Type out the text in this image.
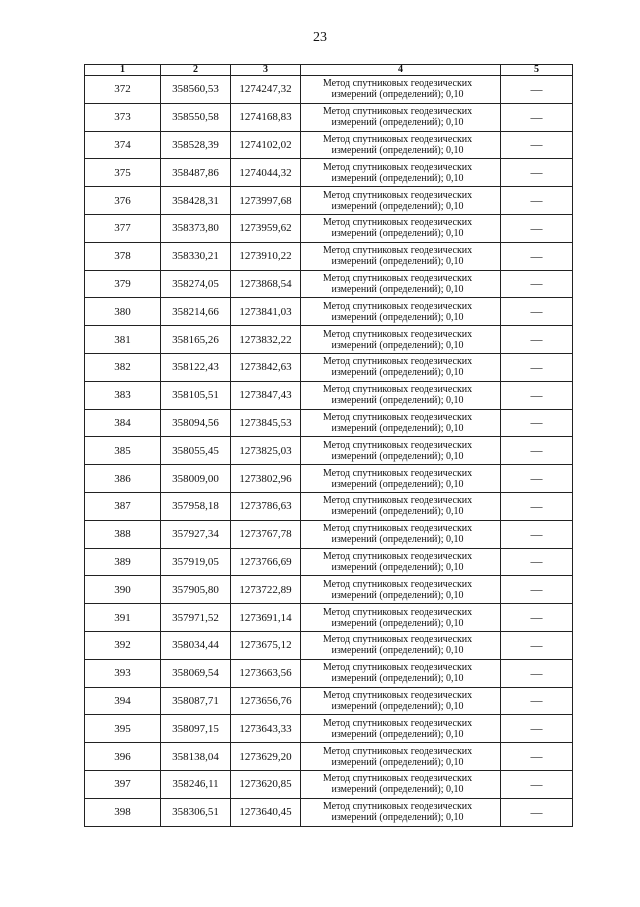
23
1	2	3	4	5
372	358560,53	1274247,32	Метод спутниковых геодезических
измерений (определений); 0,10	—
373	358550,58	1274168,83	Метод спутниковых геодезических
измерений (определений); 0,10	—
374	358528,39	1274102,02	Метод спутниковых геодезических
измерений (определений); 0,10	—
375	358487,86	1274044,32	Метод спутниковых геодезических
измерений (определений); 0,10	—
376	358428,31	1273997,68	Метод спутниковых геодезических
измерений (определений); 0,10	—
377	358373,80	1273959,62	Метод спутниковых геодезических
измерений (определений); 0,10	—
378	358330,21	1273910,22	Метод спутниковых геодезических
измерений (определений); 0,10	—
379	358274,05	1273868,54	Метод спутниковых геодезических
измерений (определений); 0,10	—
380	358214,66	1273841,03	Метод спутниковых геодезических
измерений (определений); 0,10	—
381	358165,26	1273832,22	Метод спутниковых геодезических
измерений (определений); 0,10	—
382	358122,43	1273842,63	Метод спутниковых геодезических
измерений (определений); 0,10	—
383	358105,51	1273847,43	Метод спутниковых геодезических
измерений (определений); 0,10	—
384	358094,56	1273845,53	Метод спутниковых геодезических
измерений (определений); 0,10	—
385	358055,45	1273825,03	Метод спутниковых геодезических
измерений (определений); 0,10	—
386	358009,00	1273802,96	Метод спутниковых геодезических
измерений (определений); 0,10	—
387	357958,18	1273786,63	Метод спутниковых геодезических
измерений (определений); 0,10	—
388	357927,34	1273767,78	Метод спутниковых геодезических
измерений (определений); 0,10	—
389	357919,05	1273766,69	Метод спутниковых геодезических
измерений (определений); 0,10	—
390	357905,80	1273722,89	Метод спутниковых геодезических
измерений (определений); 0,10	—
391	357971,52	1273691,14	Метод спутниковых геодезических
измерений (определений); 0,10	—
392	358034,44	1273675,12	Метод спутниковых геодезических
измерений (определений); 0,10	—
393	358069,54	1273663,56	Метод спутниковых геодезических
измерений (определений); 0,10	—
394	358087,71	1273656,76	Метод спутниковых геодезических
измерений (определений); 0,10	—
395	358097,15	1273643,33	Метод спутниковых геодезических
измерений (определений); 0,10	—
396	358138,04	1273629,20	Метод спутниковых геодезических
измерений (определений); 0,10	—
397	358246,11	1273620,85	Метод спутниковых геодезических
измерений (определений); 0,10	—
398	358306,51	1273640,45	Метод спутниковых геодезических
измерений (определений); 0,10	—
